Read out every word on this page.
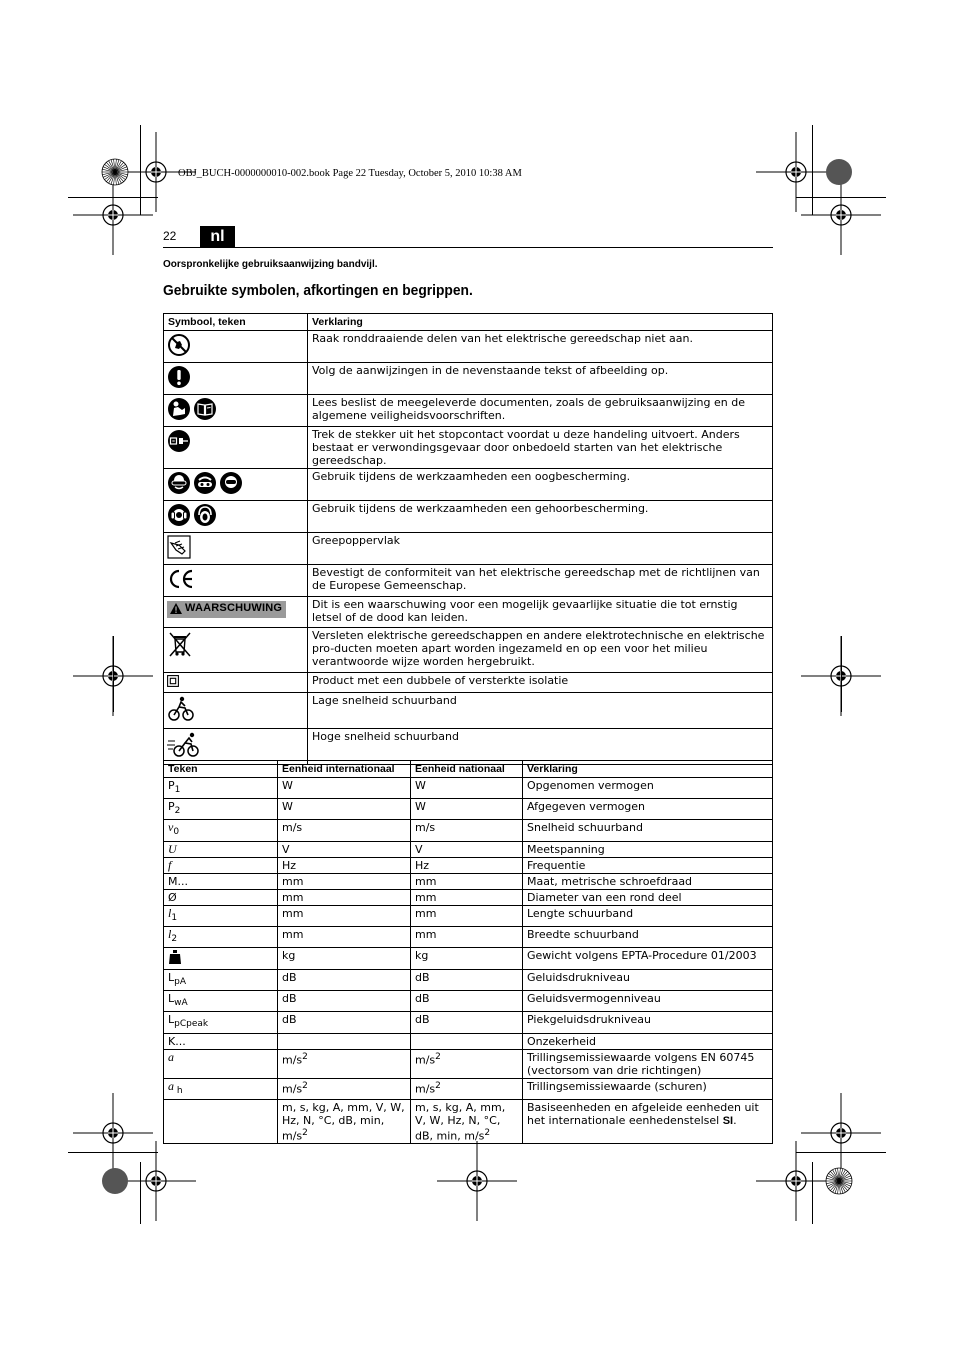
OBJ_BUCH-0000000010-002.book Page 22 Tuesday, October 5, 2010 10:38 AM
22	nl
Oorspronkelijke gebruiksaanwijzing bandvijl.
Gebruikte symbolen, afkortingen en begrippen.
Symbool, teken	Verklaring
	Raak ronddraaiende delen van het elektrische gereedschap niet aan.
	Volg de aanwijzingen in de nevenstaande tekst of afbeelding op.
	Lees beslist de meegeleverde documenten, zoals de gebruiksaanwijzing en de algemene veiligheidsvoorschriften.
	Trek de stekker uit het stopcontact voordat u deze handeling uitvoert. Anders bestaat er verwondingsgevaar door onbedoeld starten van het elektrische gereedschap.
	Gebruik tijdens de werkzaamheden een oogbescherming.
	Gebruik tijdens de werkzaamheden een gehoorbescherming.
	Greepoppervlak
	Bevestigt de conformiteit van het elektrische gereedschap met de richtlijnen van de Europese Gemeenschap.
WAARSCHUWING	Dit is een waarschuwing voor een mogelijk gevaarlijke situatie die tot ernstig letsel of de dood kan leiden.
	Versleten elektrische gereedschappen en andere elektrotechnische en elektrische pro-ducten moeten apart worden ingezameld en op een voor het milieu verantwoorde wijze worden hergebruikt.
	Product met een dubbele of versterkte isolatie
	Lage snelheid schuurband
	Hoge snelheid schuurband
Teken	Eenheid internationaal	Eenheid nationaal	Verklaring
$P_1$	W	W	Opgenomen vermogen
$P_2$	W	W	Afgegeven vermogen
$v_0$	m/s	m/s	Snelheid schuurband
U	V	V	Meetspanning
f	Hz	Hz	Frequentie
M...	mm	mm	Maat, metrische schroefdraad
Ø	mm	mm	Diameter van een rond deel
$l_1$	mm	mm	Lengte schuurband
$l_2$	mm	mm	Breedte schuurband
	kg	kg	Gewicht volgens EPTA-Procedure 01/2003
$L_{pA}$	dB	dB	Geluidsdrukniveau
$L_{wA}$	dB	dB	Geluidsvermogenniveau
$L_{pCpeak}$	dB	dB	Piekgeluidsdrukniveau
K...			Onzekerheid
a	$m/s^2$	$m/s^2$	Trillingsemissiewaarde volgens EN 60745 (vectorsom van drie richtingen)
a $_h$	$m/s^2$	$m/s^2$	Trillingsemissiewaarde (schuren)
	m, s, kg, A, mm, V, W, Hz, N, °C, dB, min, $m/s^2$	m, s, kg, A, mm, V, W, Hz, N, °C, dB, min, $m/s^2$	Basiseenheden en afgeleide eenheden uit het internationale eenhedenstelsel SI.
